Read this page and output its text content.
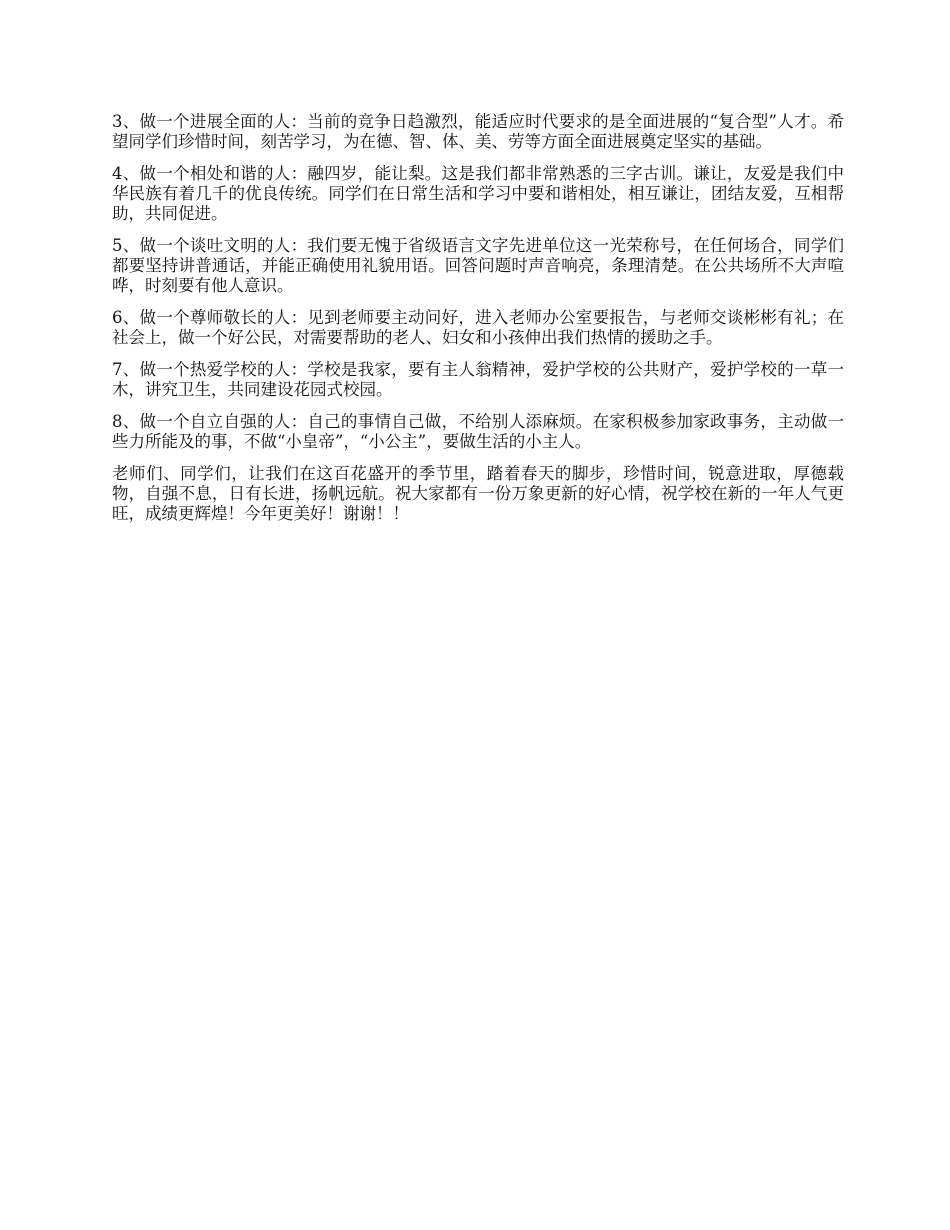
3、做一个进展全面的人：当前的竞争日趋激烈，能适应时代要求的是全面进展的“复合型”人才。希望同学们珍惜时间，刻苦学习，为在德、智、体、美、劳等方面全面进展奠定坚实的基础。

4、做一个相处和谐的人：融四岁，能让梨。这是我们都非常熟悉的三字古训。谦让，友爱是我们中华民族有着几千的优良传统。同学们在日常生活和学习中要和谐相处，相互谦让，团结友爱，互相帮助，共同促进。

5、做一个谈吐文明的人：我们要无愧于省级语言文字先进单位这一光荣称号，在任何场合，同学们都要坚持讲普通话，并能正确使用礼貌用语。回答问题时声音响亮，条理清楚。在公共场所不大声喧哗，时刻要有他人意识。

6、做一个尊师敬长的人：见到老师要主动问好，进入老师办公室要报告，与老师交谈彬彬有礼；在社会上，做一个好公民，对需要帮助的老人、妇女和小孩伸出我们热情的援助之手。

7、做一个热爱学校的人：学校是我家，要有主人翁精神，爱护学校的公共财产，爱护学校的一草一木，讲究卫生，共同建设花园式校园。

8、做一个自立自强的人：自己的事情自己做，不给别人添麻烦。在家积极参加家政事务，主动做一些力所能及的事，不做“小皇帝”，“小公主”，要做生活的小主人。

老师们、同学们，让我们在这百花盛开的季节里，踏着春天的脚步，珍惜时间，锐意进取，厚德载物，自强不息，日有长进，扬帆远航。祝大家都有一份万象更新的好心情，祝学校在新的一年人气更旺，成绩更辉煌！今年更美好！谢谢！！
